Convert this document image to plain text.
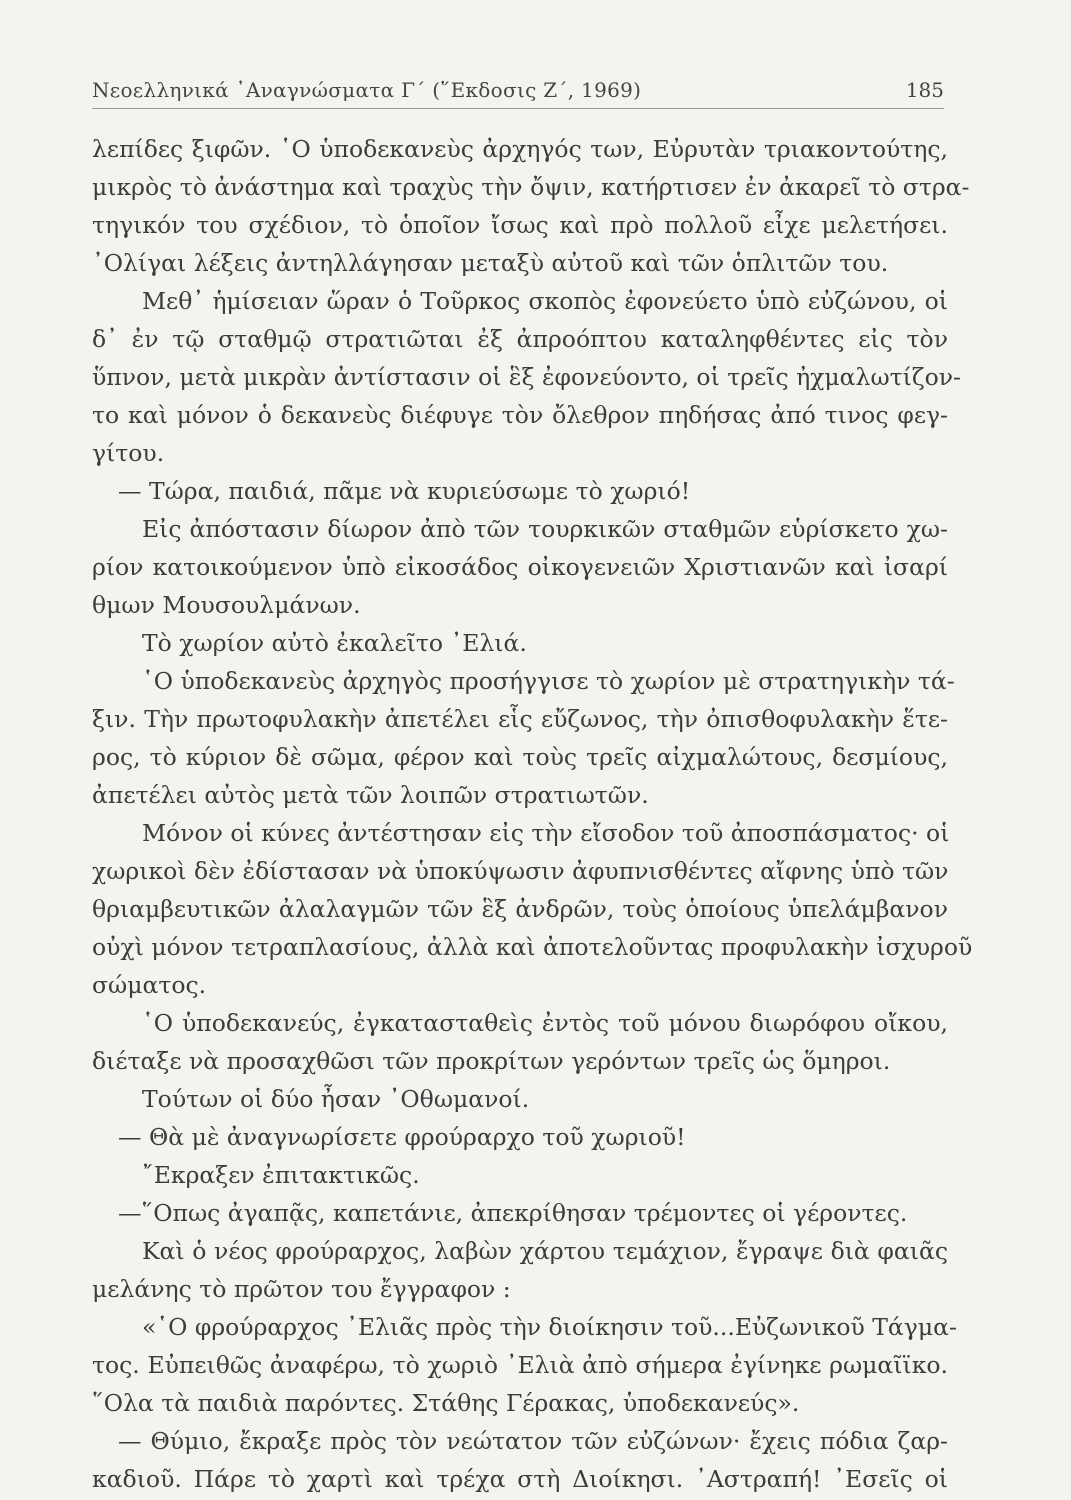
Νεοελληνικά ᾿Αναγνώσματα Γ´ (῞Εκδοσις Ζ´, 1969)	185
λεπίδες ξιφῶν. ῾Ο ὑποδεκανεὺς ἀρχηγός των, Εὐρυτὰν τριακοντούτης,
μικρὸς τὸ ἀνάστημα καὶ τραχὺς τὴν ὄψιν, κατήρτισεν ἐν ἀκαρεῖ τὸ στρα-
τηγικόν του σχέδιον, τὸ ὁποῖον ἴσως καὶ πρὸ πολλοῦ εἶχε μελετήσει.
᾿Ολίγαι λέξεις ἀντηλλάγησαν μεταξὺ αὐτοῦ καὶ τῶν ὁπλιτῶν του.
Μεθ᾿ ἡμίσειαν ὥραν ὁ Τοῦρκος σκοπὸς ἐφονεύετο ὑπὸ εὐζώνου, οἱ
δ᾿ ἐν τῷ σταθμῷ στρατιῶται ἐξ ἀπροόπτου καταληφθέντες εἰς τὸν
ὕπνον, μετὰ μικρὰν ἀντίστασιν οἱ ἓξ ἐφονεύοντο, οἱ τρεῖς ἠχμαλωτίζον-
το καὶ μόνον ὁ δεκανεὺς διέφυγε τὸν ὄλεθρον πηδήσας ἀπό τινος φεγ-
γίτου.
— Τώρα, παιδιά, πᾶμε νὰ κυριεύσωμε τὸ χωριό!
Εἰς ἀπόστασιν δίωρον ἀπὸ τῶν τουρκικῶν σταθμῶν εὑρίσκετο χω-
ρίον κατοικούμενον ὑπὸ εἰκοσάδος οἰκογενειῶν Χριστιανῶν καὶ ἰσαρί
θμων Μουσουλμάνων.
Τὸ χωρίον αὐτὸ ἐκαλεῖτο ᾿Ελιά.
῾Ο ὑποδεκανεὺς ἀρχηγὸς προσήγγισε τὸ χωρίον μὲ στρατηγικὴν τά-
ξιν. Τὴν πρωτοφυλακὴν ἀπετέλει εἷς εὔζωνος, τὴν ὀπισθοφυλακὴν ἕτε-
ρος, τὸ κύριον δὲ σῶμα, φέρον καὶ τοὺς τρεῖς αἰχμαλώτους, δεσμίους,
ἀπετέλει αὐτὸς μετὰ τῶν λοιπῶν στρατιωτῶν.
Μόνον οἱ κύνες ἀντέστησαν εἰς τὴν εἴσοδον τοῦ ἀποσπάσματος· οἱ
χωρικοὶ δὲν ἐδίστασαν νὰ ὑποκύψωσιν ἀφυπνισθέντες αἴφνης ὑπὸ τῶν
θριαμβευτικῶν ἀλαλαγμῶν τῶν ἓξ ἀνδρῶν, τοὺς ὁποίους ὑπελάμβανον
οὐχὶ μόνον τετραπλασίους, ἀλλὰ καὶ ἀποτελοῦντας προφυλακὴν ἰσχυροῦ
σώματος.
῾Ο ὑποδεκανεύς, ἐγκατασταθεὶς ἐντὸς τοῦ μόνου διωρόφου οἴκου,
διέταξε νὰ προσαχθῶσι τῶν προκρίτων γερόντων τρεῖς ὡς ὅμηροι.
Τούτων οἱ δύο ἦσαν ᾿Οθωμανοί.
— Θὰ μὲ ἀναγνωρίσετε φρούραρχο τοῦ χωριοῦ!
῎Εκραξεν ἐπιτακτικῶς.
—῞Οπως ἀγαπᾷς, καπετάνιε, ἀπεκρίθησαν τρέμοντες οἱ γέροντες.
Καὶ ὁ νέος φρούραρχος, λαβὼν χάρτου τεμάχιον, ἔγραψε διὰ φαιᾶς
μελάνης τὸ πρῶτον του ἔγγραφον :
«῾Ο φρούραρχος ᾿Ελιᾶς πρὸς τὴν διοίκησιν τοῦ...Εὐζωνικοῦ Τάγμα-
τος. Εὐπειθῶς ἀναφέρω, τὸ χωριὸ ᾿Ελιὰ ἀπὸ σήμερα ἐγίνηκε ρωμαῖϊκο.
῞Ολα τὰ παιδιὰ παρόντες. Στάθης Γέρακας, ὑποδεκανεύς».
— Θύμιο, ἔκραξε πρὸς τὸν νεώτατον τῶν εὐζώνων· ἔχεις πόδια ζαρ-
καδιοῦ. Πάρε τὸ χαρτὶ καὶ τρέχα στὴ Διοίκησι. ᾿Αστραπή! ᾿Εσεῖς οἱ
